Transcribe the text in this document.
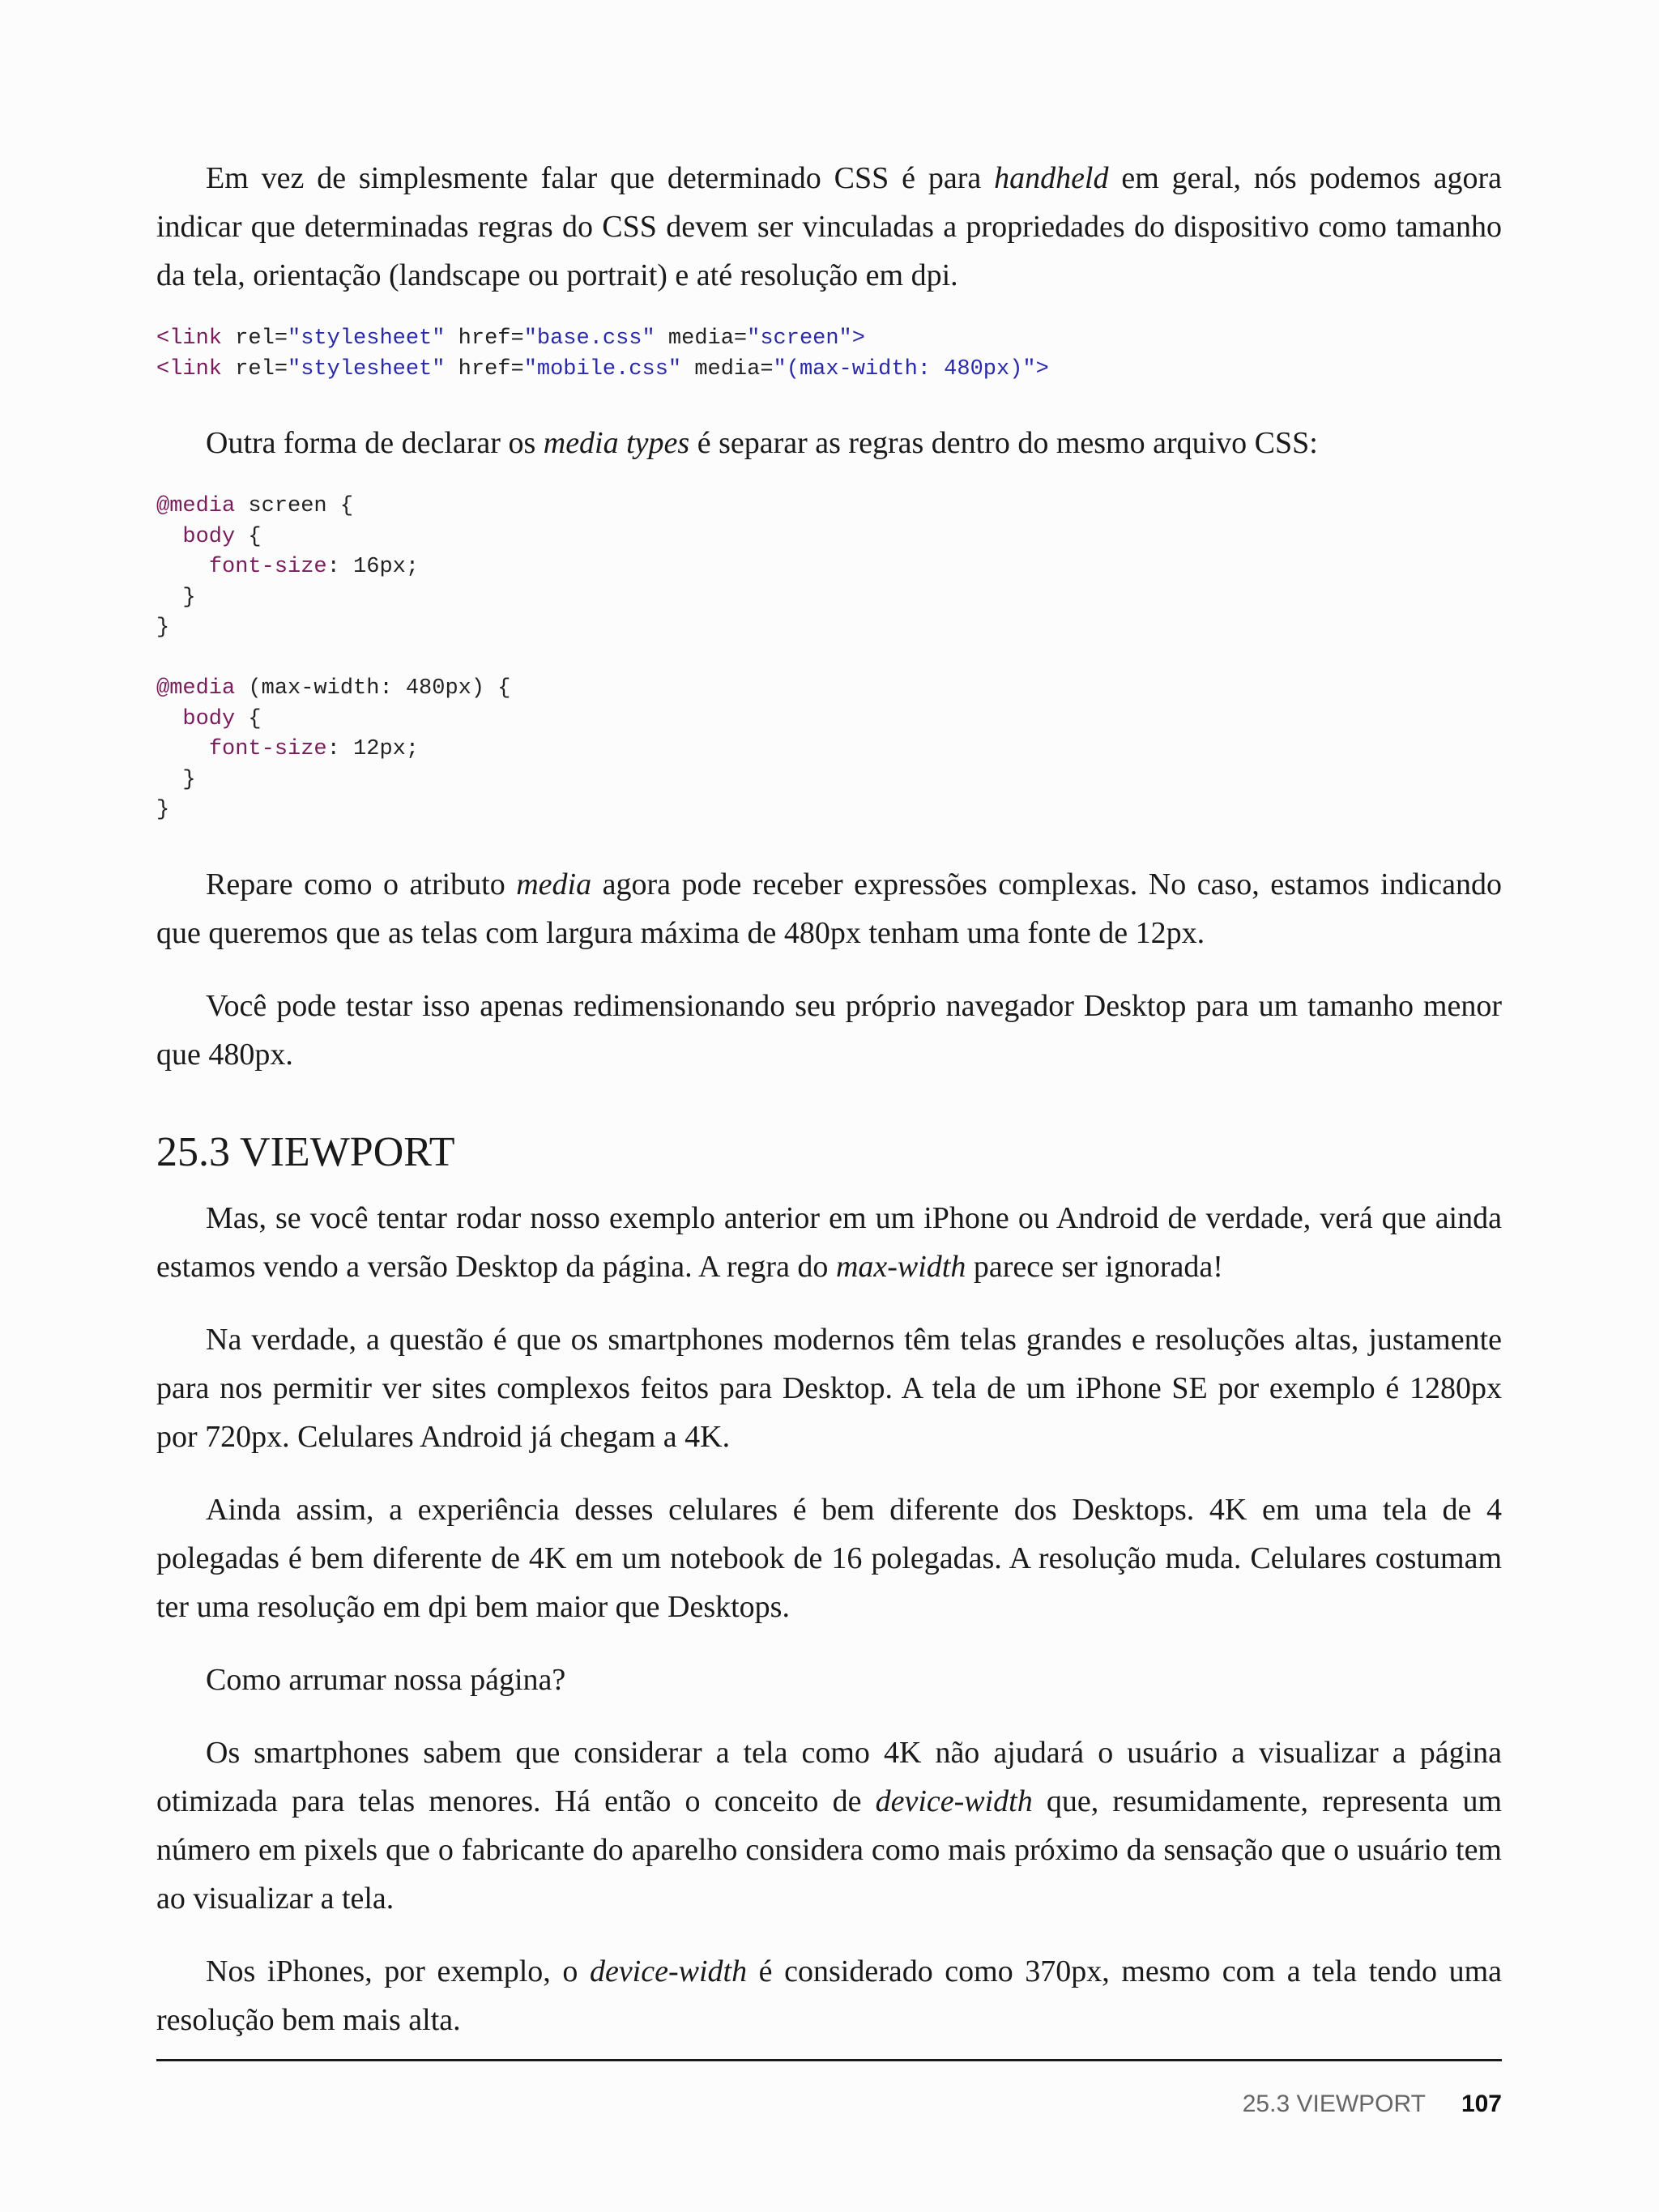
Em vez de simplesmente falar que determinado CSS é para handheld em geral, nós podemos agora indicar que determinadas regras do CSS devem ser vinculadas a propriedades do dispositivo como tamanho da tela, orientação (landscape ou portrait) e até resolução em dpi.

<link rel="stylesheet" href="base.css" media="screen">
<link rel="stylesheet" href="mobile.css" media="(max-width: 480px)">

Outra forma de declarar os media types é separar as regras dentro do mesmo arquivo CSS:

@media screen {
body {
font-size: 16px;
}
}

@media (max-width: 480px) {
body {
font-size: 12px;
}
}

Repare como o atributo media agora pode receber expressões complexas. No caso, estamos indicando que queremos que as telas com largura máxima de 480px tenham uma fonte de 12px.

Você pode testar isso apenas redimensionando seu próprio navegador Desktop para um tamanho menor que 480px.

25.3 VIEWPORT

Mas, se você tentar rodar nosso exemplo anterior em um iPhone ou Android de verdade, verá que ainda estamos vendo a versão Desktop da página. A regra do max-width parece ser ignorada!

Na verdade, a questão é que os smartphones modernos têm telas grandes e resoluções altas, justamente para nos permitir ver sites complexos feitos para Desktop. A tela de um iPhone SE por exemplo é 1280px por 720px. Celulares Android já chegam a 4K.

Ainda assim, a experiência desses celulares é bem diferente dos Desktops. 4K em uma tela de 4 polegadas é bem diferente de 4K em um notebook de 16 polegadas. A resolução muda. Celulares costumam ter uma resolução em dpi bem maior que Desktops.

Como arrumar nossa página?

Os smartphones sabem que considerar a tela como 4K não ajudará o usuário a visualizar a página otimizada para telas menores. Há então o conceito de device-width que, resumidamente, representa um número em pixels que o fabricante do aparelho considera como mais próximo da sensação que o usuário tem ao visualizar a tela.

Nos iPhones, por exemplo, o device-width é considerado como 370px, mesmo com a tela tendo uma resolução bem mais alta.

25.3 VIEWPORT 107
